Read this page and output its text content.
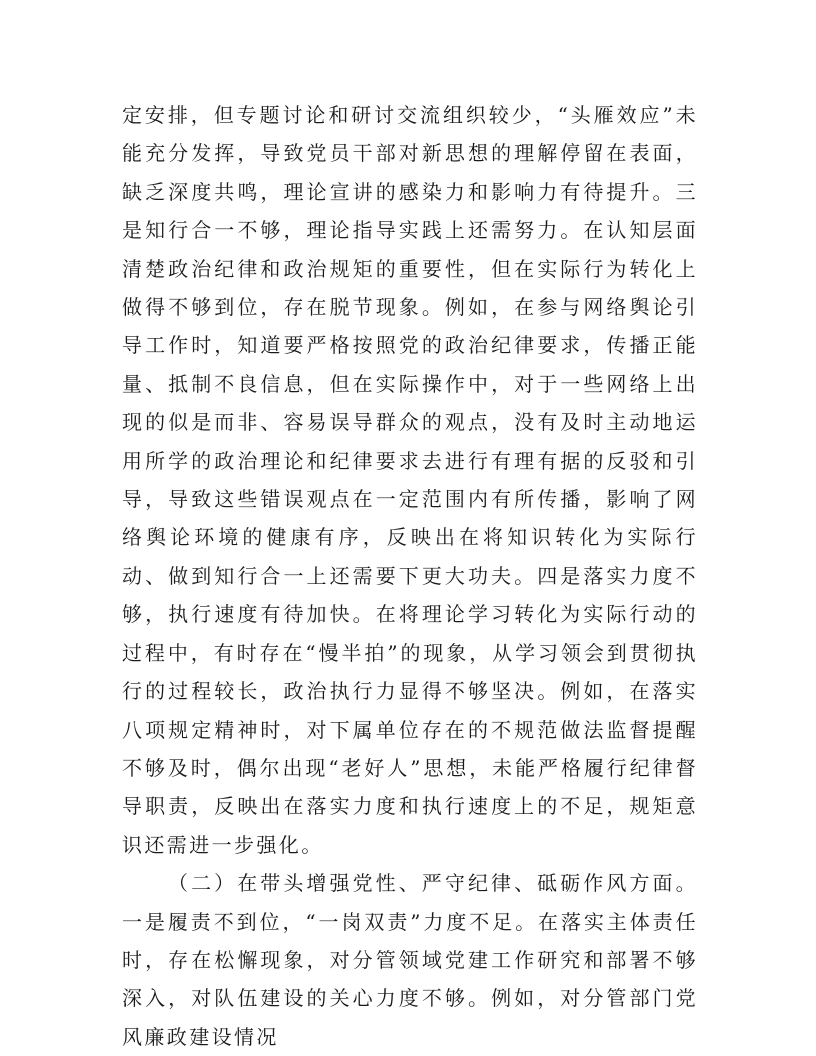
定安排，但专题讨论和研讨交流组织较少，“头雁效应”未能充分发挥，导致党员干部对新思想的理解停留在表面，缺乏深度共鸣，理论宣讲的感染力和影响力有待提升。三是知行合一不够，理论指导实践上还需努力。在认知层面清楚政治纪律和政治规矩的重要性，但在实际行为转化上做得不够到位，存在脱节现象。例如，在参与网络舆论引导工作时，知道要严格按照党的政治纪律要求，传播正能量、抵制不良信息，但在实际操作中，对于一些网络上出现的似是而非、容易误导群众的观点，没有及时主动地运用所学的政治理论和纪律要求去进行有理有据的反驳和引导，导致这些错误观点在一定范围内有所传播，影响了网络舆论环境的健康有序，反映出在将知识转化为实际行动、做到知行合一上还需要下更大功夫。四是落实力度不够，执行速度有待加快。在将理论学习转化为实际行动的过程中，有时存在“慢半拍”的现象，从学习领会到贯彻执行的过程较长，政治执行力显得不够坚决。例如，在落实八项规定精神时，对下属单位存在的不规范做法监督提醒不够及时，偶尔出现“老好人”思想，未能严格履行纪律督导职责，反映出在落实力度和执行速度上的不足，规矩意识还需进一步强化。

（二）在带头增强党性、严守纪律、砥砺作风方面。一是履责不到位，“一岗双责”力度不足。在落实主体责任时，存在松懈现象，对分管领域党建工作研究和部署不够深入，对队伍建设的关心力度不够。例如，对分管部门党风廉政建设情况
